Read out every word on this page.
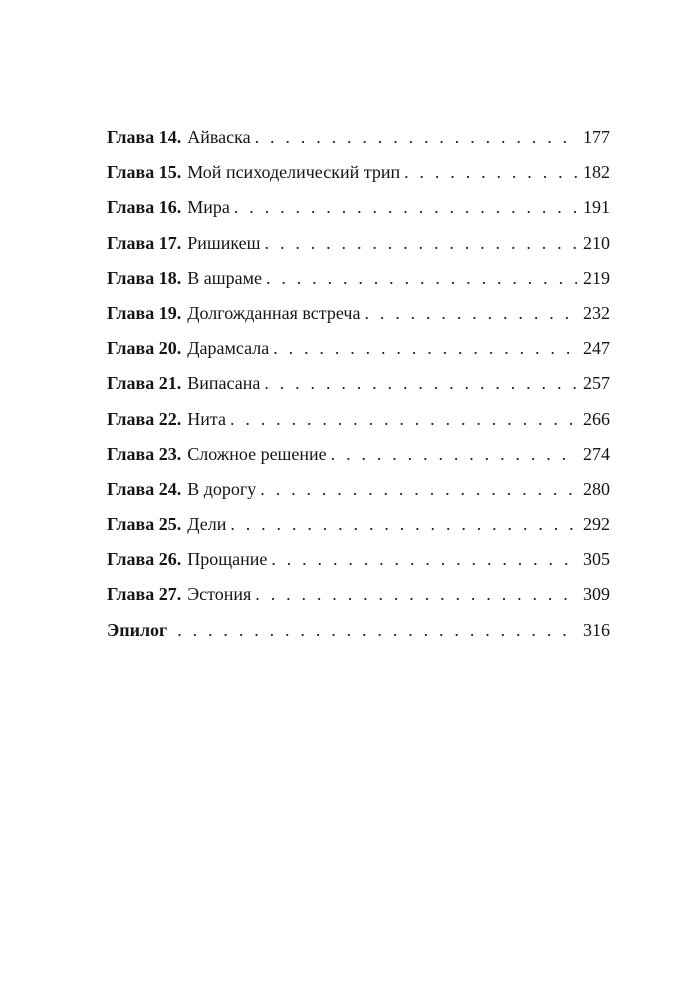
Глава 14. Айваска . . .	177
Глава 15. Мой психоделический трип . . .	182
Глава 16. Мира . . .	191
Глава 17. Ришикеш . . .	210
Глава 18. В ашраме . . .	219
Глава 19. Долгожданная встреча . . .	232
Глава 20. Дарамсала . . .	247
Глава 21. Випасана . . .	257
Глава 22. Нита . . .	266
Глава 23. Сложное решение . . .	274
Глава 24. В дорогу . . .	280
Глава 25. Дели . . .	292
Глава 26. Прощание . . .	305
Глава 27. Эстония . . .	309
Эпилог . . .	316
